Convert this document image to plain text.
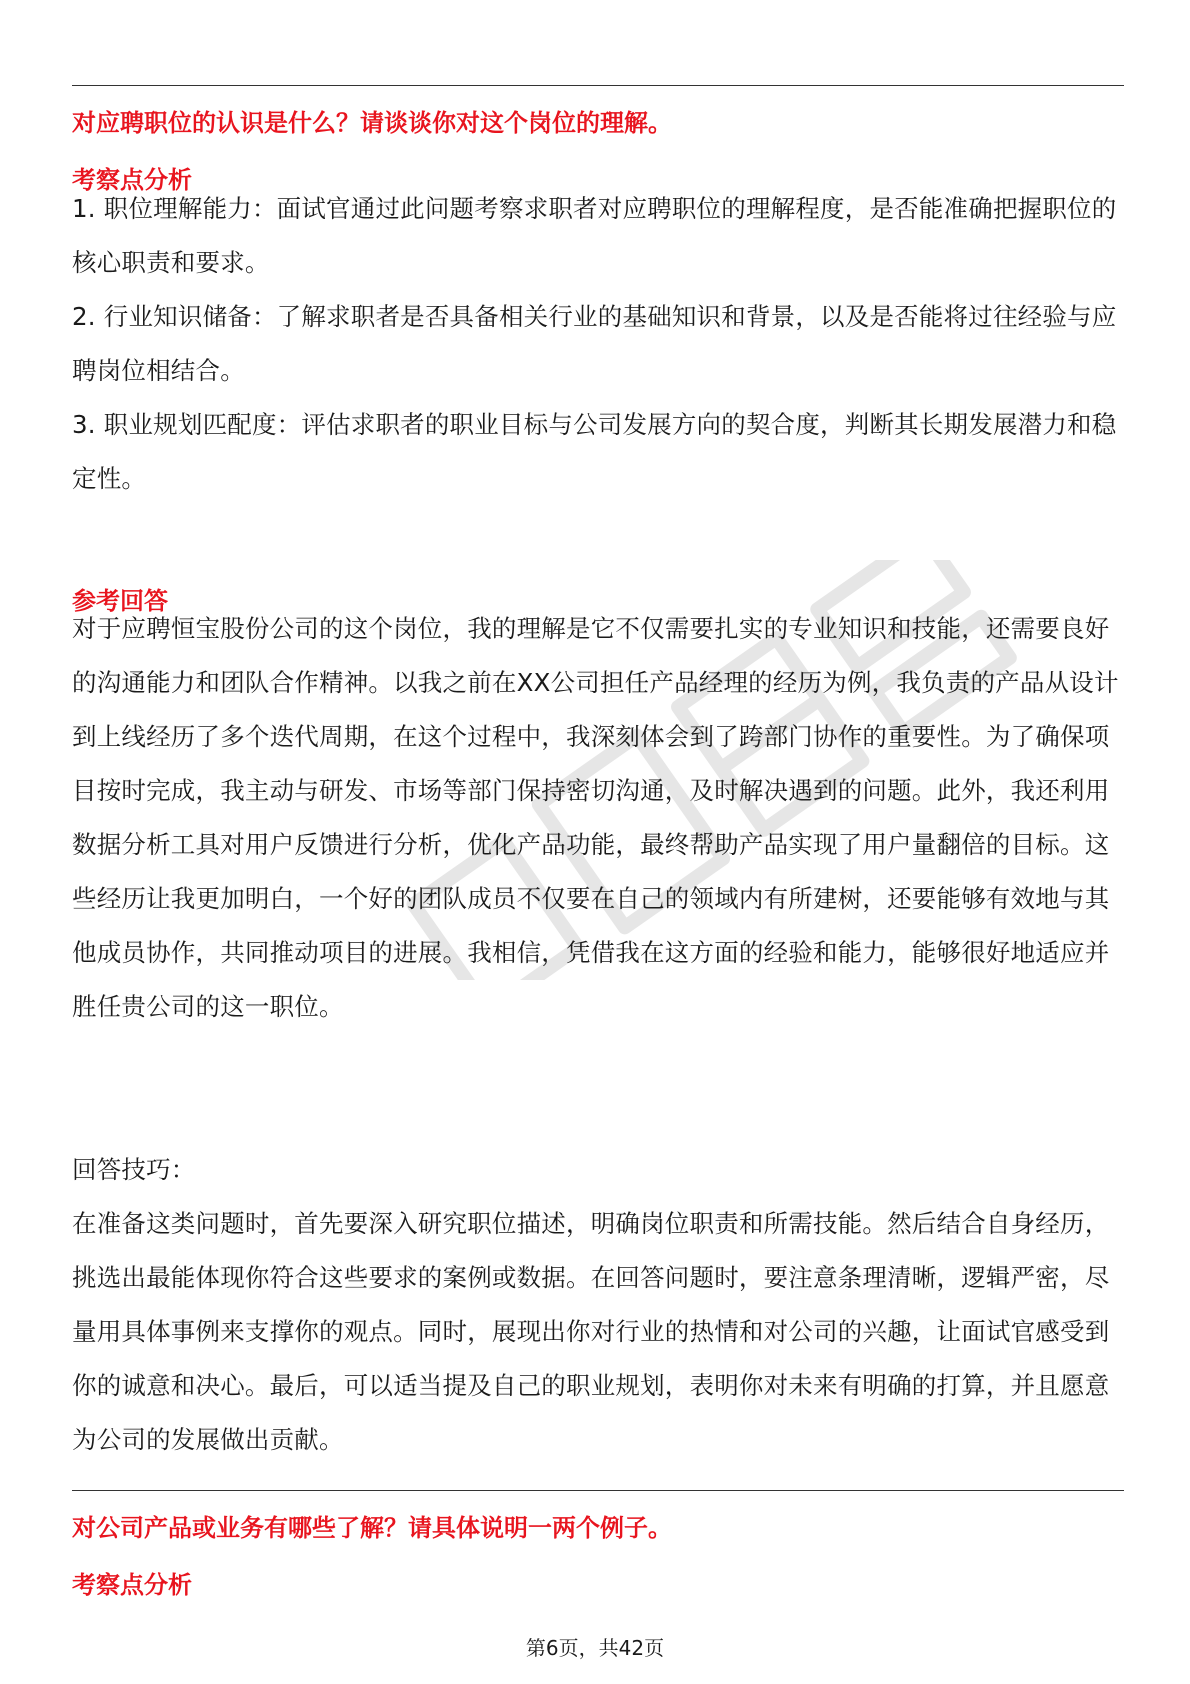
对应聘职位的认识是什么？请谈谈你对这个岗位的理解。
考察点分析

1. 职位理解能力：面试官通过此问题考察求职者对应聘职位的理解程度，是否能准确把握职位的核心职责和要求。

2. 行业知识储备：了解求职者是否具备相关行业的基础知识和背景，以及是否能将过往经验与应聘岗位相结合。

3. 职业规划匹配度：评估求职者的职业目标与公司发展方向的契合度，判断其长期发展潜力和稳定性。

参考回答
对于应聘恒宝股份公司的这个岗位，我的理解是它不仅需要扎实的专业知识和技能，还需要良好的沟通能力和团队合作精神。以我之前在XX公司担任产品经理的经历为例，我负责的产品从设计到上线经历了多个迭代周期，在这个过程中，我深刻体会到了跨部门协作的重要性。为了确保项目按时完成，我主动与研发、市场等部门保持密切沟通，及时解决遇到的问题。此外，我还利用数据分析工具对用户反馈进行分析，优化产品功能，最终帮助产品实现了用户量翻倍的目标。这些经历让我更加明白，一个好的团队成员不仅要在自己的领域内有所建树，还要能够有效地与其他成员协作，共同推动项目的进展。我相信，凭借我在这方面的经验和能力，能够很好地适应并胜任贵公司的这一职位。
回答技巧：
在准备这类问题时，首先要深入研究职位描述，明确岗位职责和所需技能。然后结合自身经历，挑选出最能体现你符合这些要求的案例或数据。在回答问题时，要注意条理清晰，逻辑严密，尽量用具体事例来支撑你的观点。同时，展现出你对行业的热情和对公司的兴趣，让面试官感受到你的诚意和决心。最后，可以适当提及自己的职业规划，表明你对未来有明确的打算，并且愿意为公司的发展做出贡献。
对公司产品或业务有哪些了解？请具体说明一两个例子。
考察点分析
第6页，共42页
